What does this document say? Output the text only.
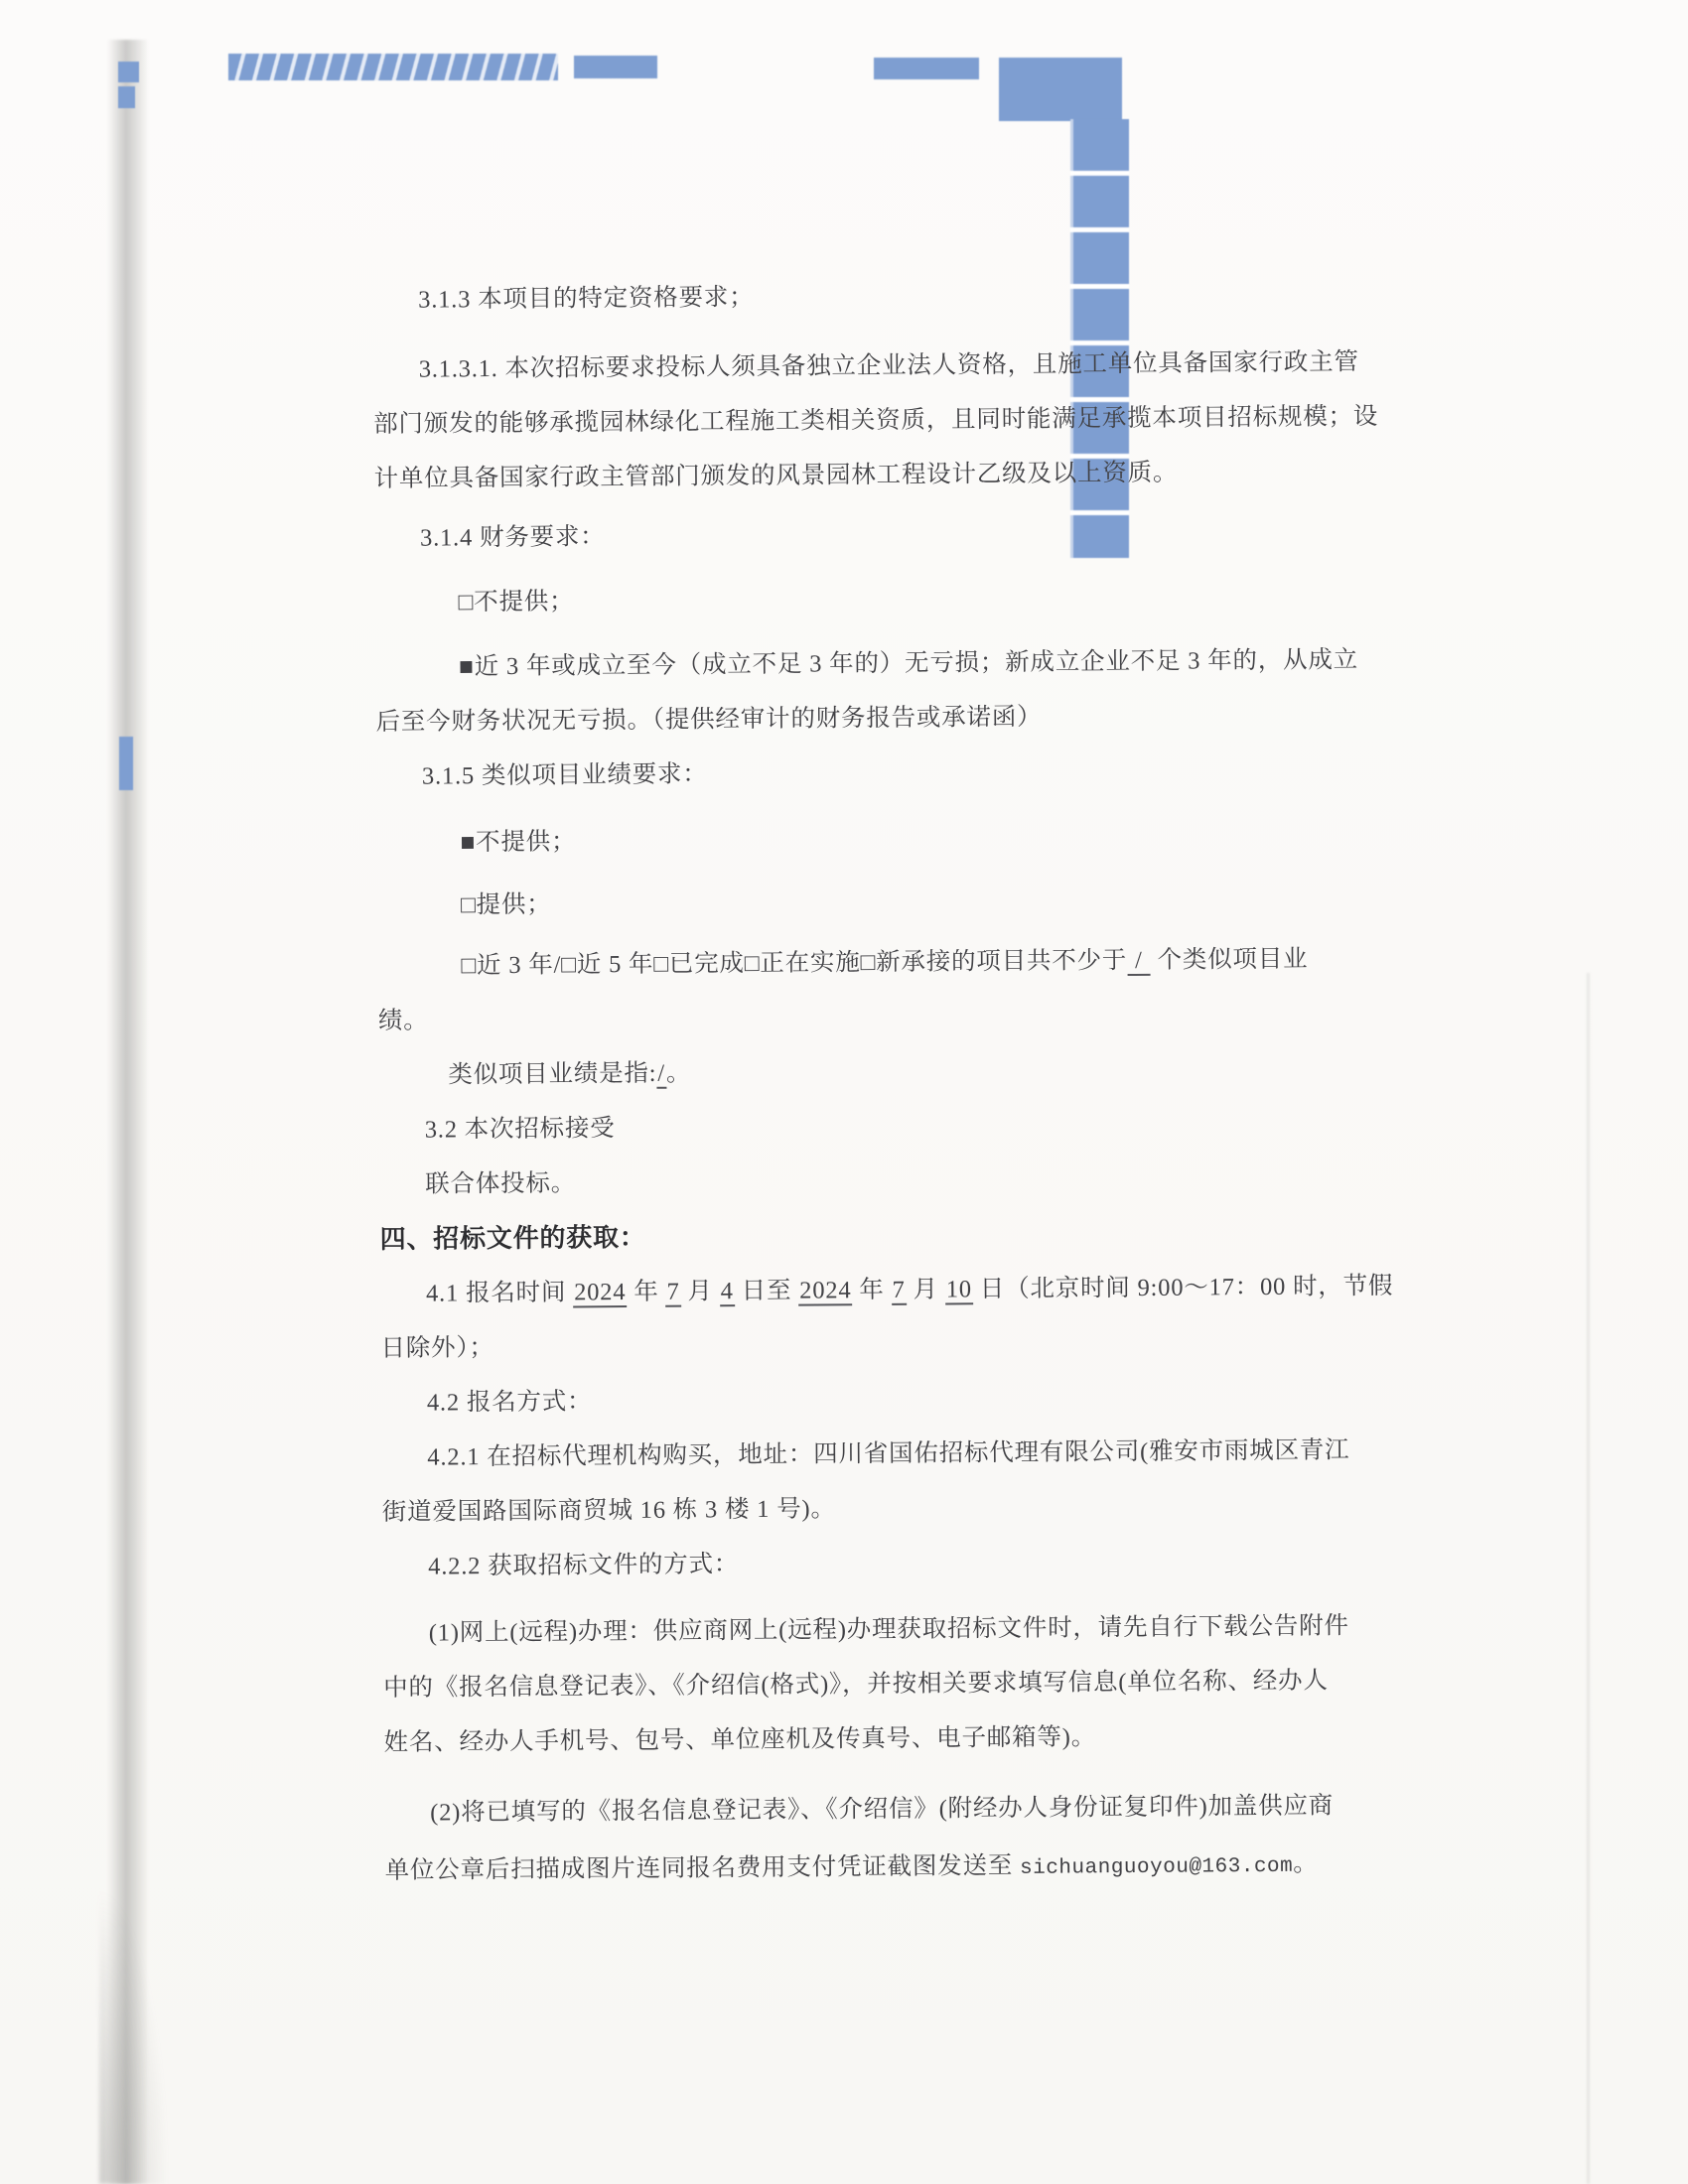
3.1.3 本项目的特定资格要求；

3.1.3.1. 本次招标要求投标人须具备独立企业法人资格，且施工单位具备国家行政主管

部门颁发的能够承揽园林绿化工程施工类相关资质，且同时能满足承揽本项目招标规模；设

计单位具备国家行政主管部门颁发的风景园林工程设计乙级及以上资质。

3.1.4 财务要求：

□不提供；

■近 3 年或成立至今（成立不足 3 年的）无亏损；新成立企业不足 3 年的，从成立

后至今财务状况无亏损。（提供经审计的财务报告或承诺函）

3.1.5 类似项目业绩要求：

■不提供；

□提供；

□近 3 年/□近 5 年□已完成□正在实施□新承接的项目共不少于 /  个类似项目业

绩。

类似项目业绩是指:/。

3.2 本次招标接受

联合体投标。

四、招标文件的获取：

4.1 报名时间 2024 年 7 月 4 日至 2024 年 7 月 10 日（北京时间 9:00～17：00 时，节假

日除外）；

4.2 报名方式：

4.2.1 在招标代理机构购买，地址：四川省国佑招标代理有限公司(雅安市雨城区青江

街道爱国路国际商贸城 16 栋 3 楼 1 号)。

4.2.2 获取招标文件的方式：

(1)网上(远程)办理：供应商网上(远程)办理获取招标文件时，请先自行下载公告附件

中的《报名信息登记表》、《介绍信(格式)》，并按相关要求填写信息(单位名称、经办人

姓名、经办人手机号、包号、单位座机及传真号、电子邮箱等)。

(2)将已填写的《报名信息登记表》、《介绍信》(附经办人身份证复印件)加盖供应商

单位公章后扫描成图片连同报名费用支付凭证截图发送至 sichuanguoyou@163.com。
